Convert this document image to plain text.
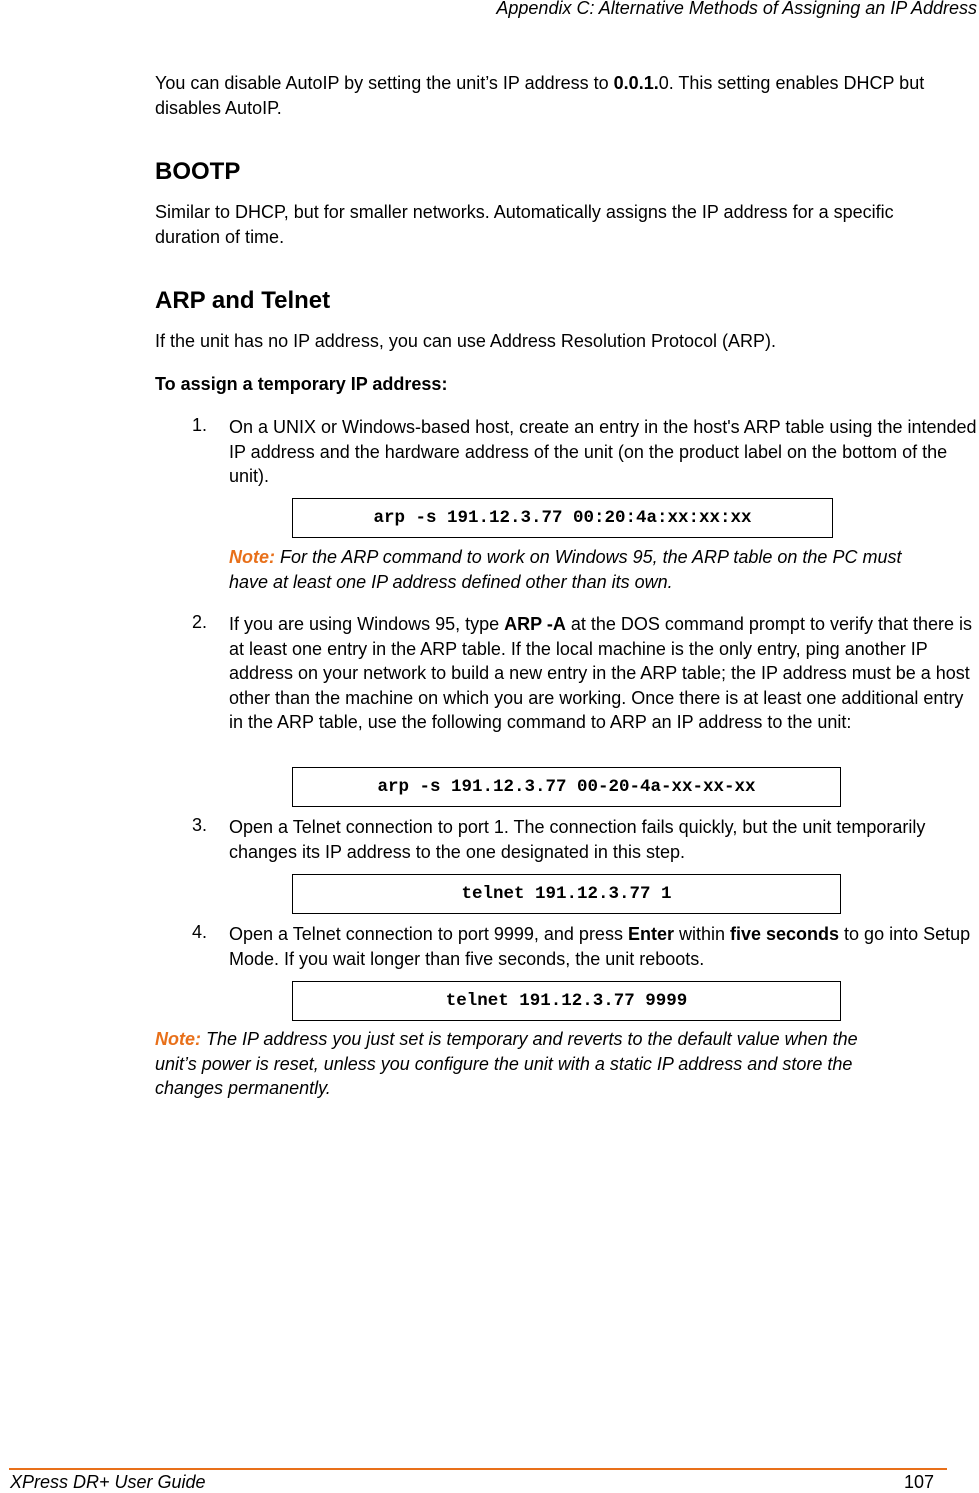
Appendix C: Alternative Methods of Assigning an IP Address
You can disable AutoIP by setting the unit’s IP address to 0.0.1.0. This setting enables DHCP but disables AutoIP.
BOOTP
Similar to DHCP, but for smaller networks. Automatically assigns the IP address for a specific duration of time.
ARP and Telnet
If the unit has no IP address, you can use Address Resolution Protocol (ARP).
To assign a temporary IP address:
1. On a UNIX or Windows-based host, create an entry in the host's ARP table using the intended IP address and the hardware address of the unit (on the product label on the bottom of the unit).
arp -s 191.12.3.77 00:20:4a:xx:xx:xx
Note: For the ARP command to work on Windows 95, the ARP table on the PC must have at least one IP address defined other than its own.
2. If you are using Windows 95, type ARP -A at the DOS command prompt to verify that there is at least one entry in the ARP table. If the local machine is the only entry, ping another IP address on your network to build a new entry in the ARP table; the IP address must be a host other than the machine on which you are working. Once there is at least one additional entry in the ARP table, use the following command to ARP an IP address to the unit:
arp -s 191.12.3.77 00-20-4a-xx-xx-xx
3. Open a Telnet connection to port 1. The connection fails quickly, but the unit temporarily changes its IP address to the one designated in this step.
telnet 191.12.3.77 1
4. Open a Telnet connection to port 9999, and press Enter within five seconds to go into Setup Mode. If you wait longer than five seconds, the unit reboots.
telnet 191.12.3.77 9999
Note: The IP address you just set is temporary and reverts to the default value when the unit’s power is reset, unless you configure the unit with a static IP address and store the changes permanently.
XPress DR+ User Guide	107
